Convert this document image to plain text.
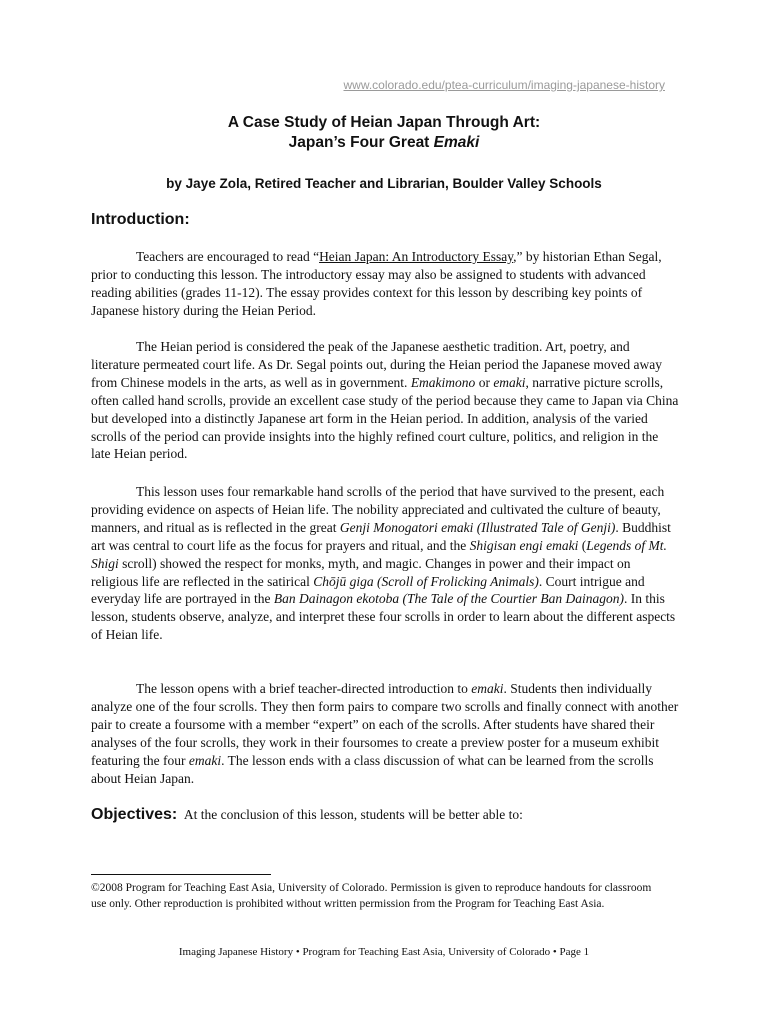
www.colorado.edu/ptea-curriculum/imaging-japanese-history
A Case Study of Heian Japan Through Art:
Japan’s Four Great Emaki
by Jaye Zola, Retired Teacher and Librarian, Boulder Valley Schools
Introduction:

Teachers are encouraged to read “Heian Japan: An Introductory Essay,” by historian Ethan Segal, prior to conducting this lesson. The introductory essay may also be assigned to students with advanced reading abilities (grades 11-12). The essay provides context for this lesson by describing key points of Japanese history during the Heian Period.

The Heian period is considered the peak of the Japanese aesthetic tradition. Art, poetry, and literature permeated court life. As Dr. Segal points out, during the Heian period the Japanese moved away from Chinese models in the arts, as well as in government. Emakimono or emaki, narrative picture scrolls, often called hand scrolls, provide an excellent case study of the period because they came to Japan via China but developed into a distinctly Japanese art form in the Heian period. In addition, analysis of the varied scrolls of the period can provide insights into the highly refined court culture, politics, and religion in the late Heian period.

This lesson uses four remarkable hand scrolls of the period that have survived to the present, each providing evidence on aspects of Heian life. The nobility appreciated and cultivated the culture of beauty, manners, and ritual as is reflected in the great Genji Monogatori emaki (Illustrated Tale of Genji). Buddhist art was central to court life as the focus for prayers and ritual, and the Shigisan engi emaki (Legends of Mt. Shigi scroll) showed the respect for monks, myth, and magic. Changes in power and their impact on religious life are reflected in the satirical Chōjū giga (Scroll of Frolicking Animals). Court intrigue and everyday life are portrayed in the Ban Dainagon ekotoba (The Tale of the Courtier Ban Dainagon). In this lesson, students observe, analyze, and interpret these four scrolls in order to learn about the different aspects of Heian life.

The lesson opens with a brief teacher-directed introduction to emaki. Students then individually analyze one of the four scrolls. They then form pairs to compare two scrolls and finally connect with another pair to create a foursome with a member “expert” on each of the scrolls. After students have shared their analyses of the four scrolls, they work in their foursomes to create a preview poster for a museum exhibit featuring the four emaki. The lesson ends with a class discussion of what can be learned from the scrolls about Heian Japan.

Objectives: At the conclusion of this lesson, students will be better able to:
©2008 Program for Teaching East Asia, University of Colorado. Permission is given to reproduce handouts for classroom use only. Other reproduction is prohibited without written permission from the Program for Teaching East Asia.
Imaging Japanese History • Program for Teaching East Asia, University of Colorado • Page 1
